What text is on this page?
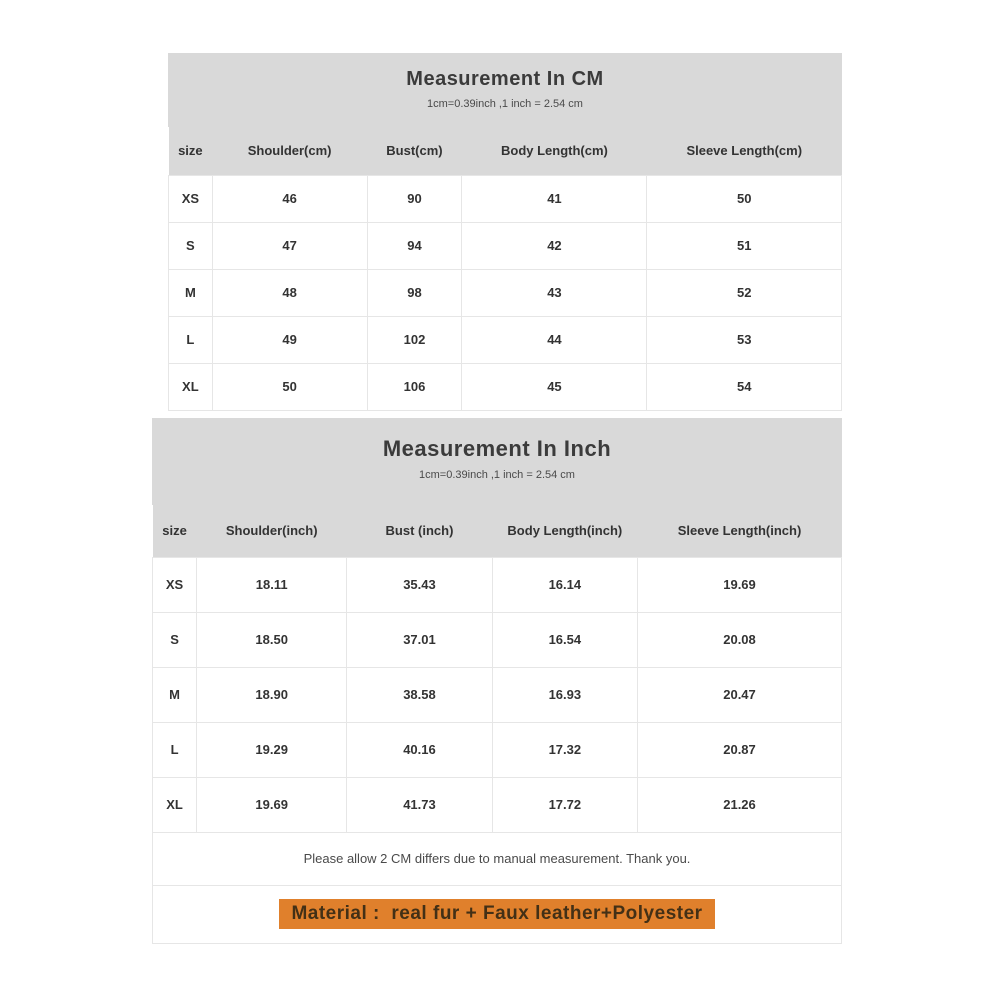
Measurement In CM

1cm=0.39inch ,1 inch = 2.54 cm

size	Shoulder(cm)	Bust(cm)	Body Length(cm)	Sleeve Length(cm)
XS	46	90	41	50
S	47	94	42	51
M	48	98	43	52
L	49	102	44	53
XL	50	106	45	54
Measurement In Inch

1cm=0.39inch ,1 inch = 2.54 cm

size	Shoulder(inch)	Bust (inch)	Body Length(inch)	Sleeve Length(inch)
XS	18.11	35.43	16.14	19.69
S	18.50	37.01	16.54	20.08
M	18.90	38.58	16.93	20.47
L	19.29	40.16	17.32	20.87
XL	19.69	41.73	17.72	21.26
Please allow 2 CM differs due to manual measurement. Thank you.
Material :  real fur + Faux leather+Polyester
